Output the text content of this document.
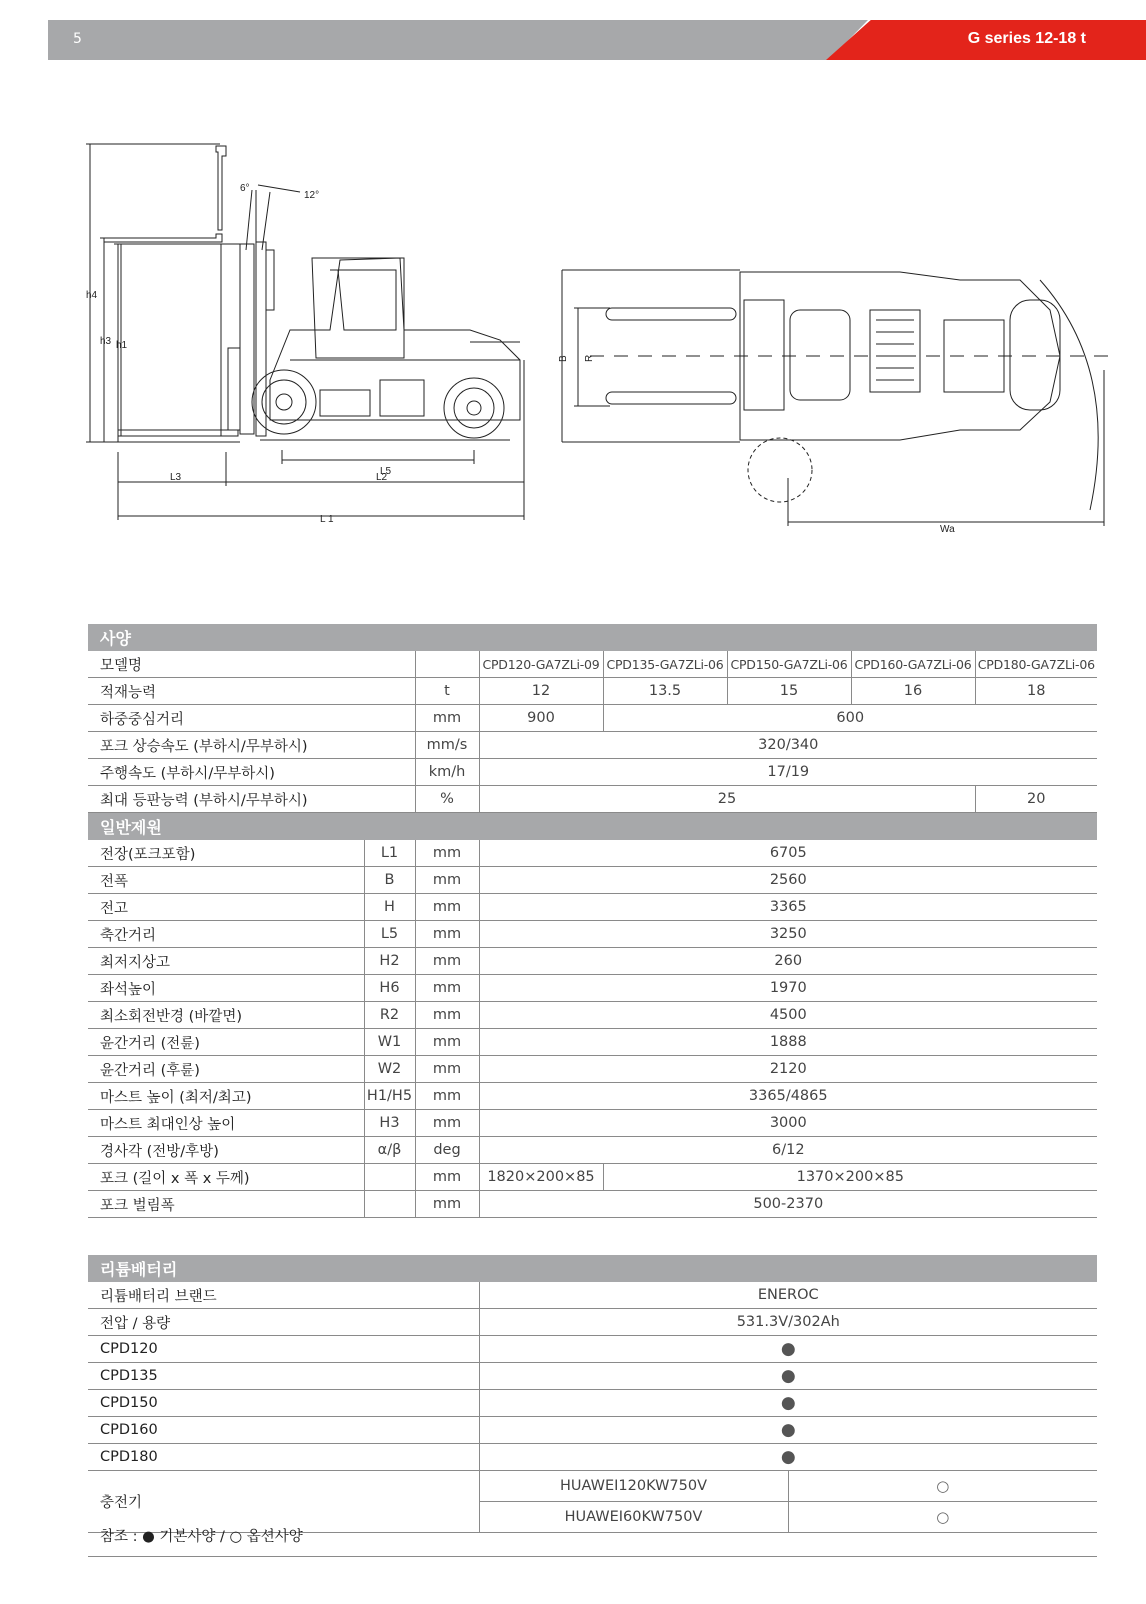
5	G series 12-18 t
h4
h3 h1
6°
12°
L5
L3	L2
L 1
B R
Wa
사양							
모델명			CPD120-GA7ZLi-09	CPD135-GA7ZLi-06	CPD150-GA7ZLi-06	CPD160-GA7ZLi-06	CPD180-GA7ZLi-06
적재능력		t	12	13.5	15	16	18
하중중심거리		mm	900	600			
포크 상승속도 (부하시/무부하시)		mm/s	320/340				
주행속도 (부하시/무부하시)		km/h	17/19				
최대 등판능력 (부하시/무부하시)		%	25				20
일반제원							
전장(포크포함)	L1	mm	6705				
전폭	B	mm	2560				
전고	H	mm	3365				
축간거리	L5	mm	3250				
최저지상고	H2	mm	260				
좌석높이	H6	mm	1970				
최소회전반경 (바깥면)	R2	mm	4500				
윤간거리 (전륜)	W1	mm	1888				
윤간거리 (후륜)	W2	mm	2120				
마스트 높이 (최저/최고)	H1/H5	mm	3365/4865				
마스트 최대인상 높이	H3	mm	3000				
경사각 (전방/후방)	α/β	deg	6/12				
포크 (길이 x 폭 x 두께)		mm	1820×200×85	1370×200×85			
포크 벌림폭		mm	500-2370				
리튬배터리		
리튬배터리 브랜드	ENEROC	
전압 / 용량	531.3V/302Ah	
CPD120	●	
CPD135	●	
CPD150	●	
CPD160	●	
CPD180	●	
충전기	HUAWEI120KW750V	○
	HUAWEI60KW750V	○
참조 : ● 기본사양 / ○ 옵션사양
